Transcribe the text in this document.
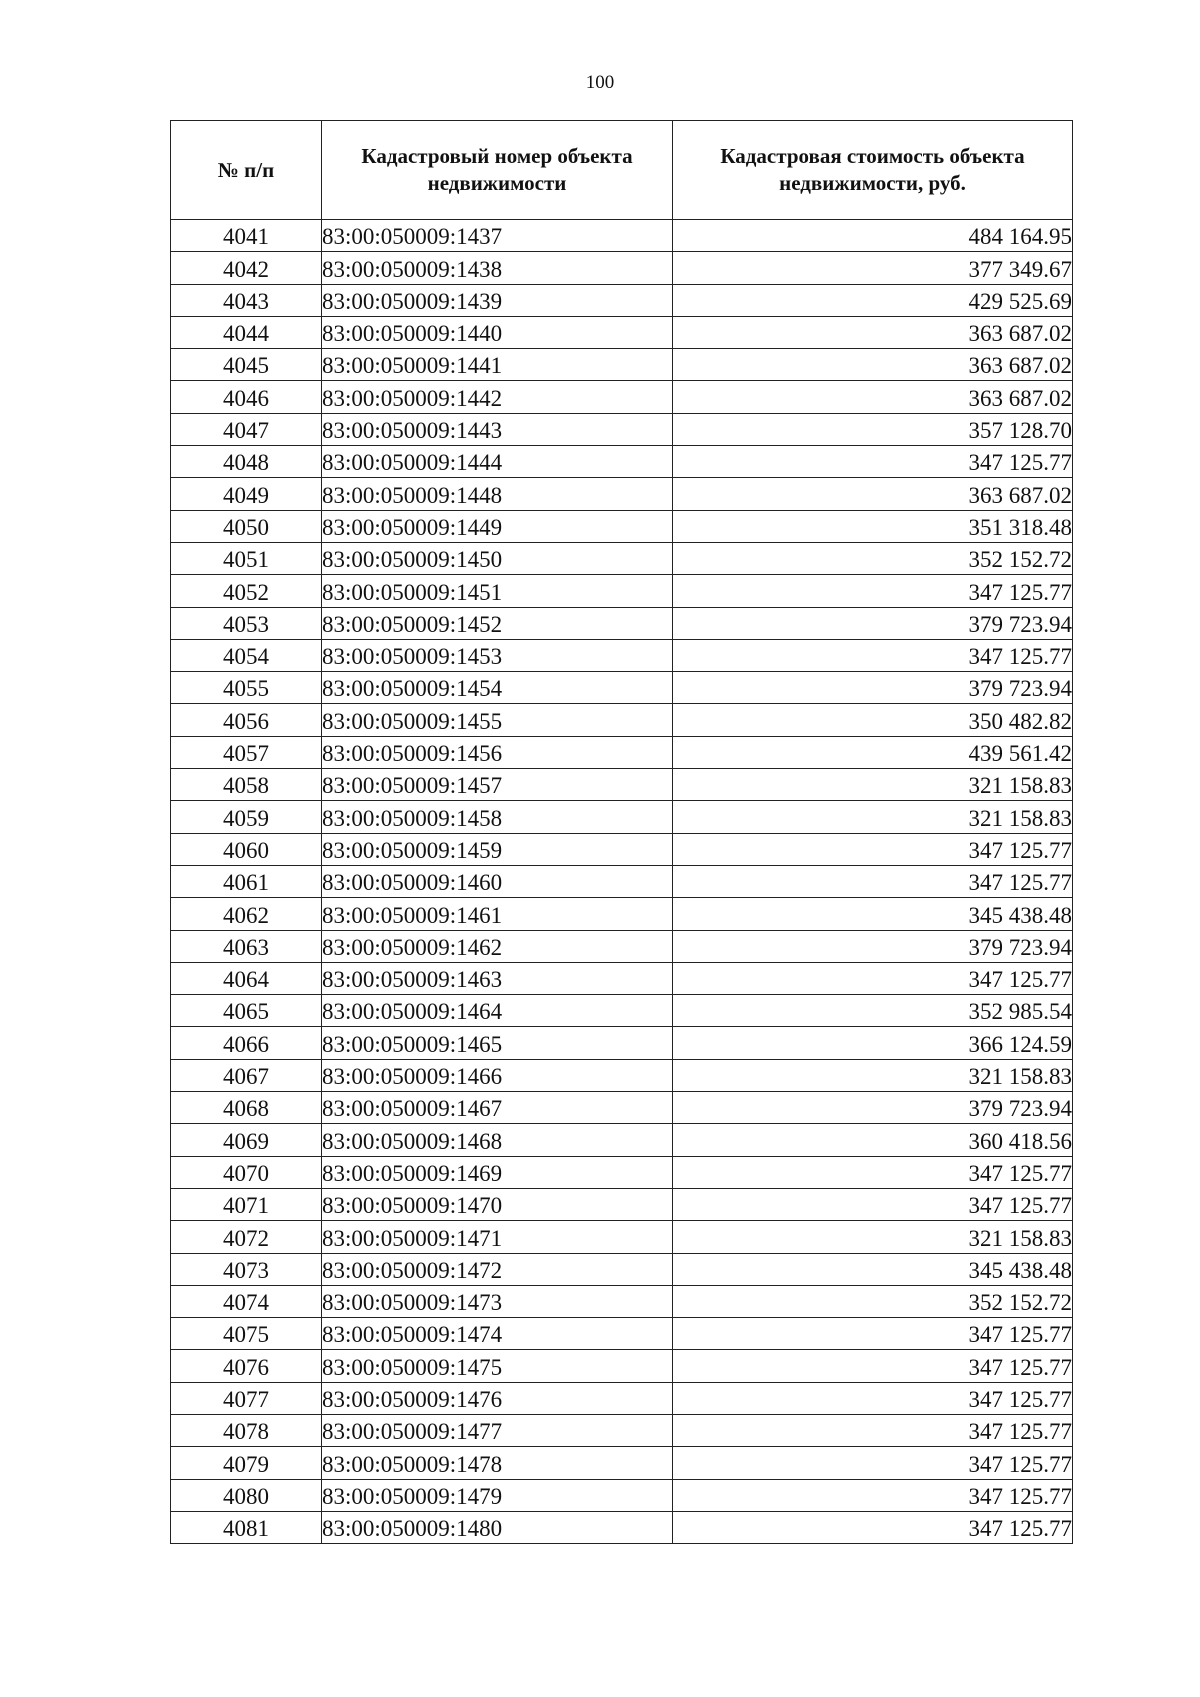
100
№ п/п	Кадастровый номер объекта недвижимости	Кадастровая стоимость объекта недвижимости, руб.
4041	83:00:050009:1437	484 164.95
4042	83:00:050009:1438	377 349.67
4043	83:00:050009:1439	429 525.69
4044	83:00:050009:1440	363 687.02
4045	83:00:050009:1441	363 687.02
4046	83:00:050009:1442	363 687.02
4047	83:00:050009:1443	357 128.70
4048	83:00:050009:1444	347 125.77
4049	83:00:050009:1448	363 687.02
4050	83:00:050009:1449	351 318.48
4051	83:00:050009:1450	352 152.72
4052	83:00:050009:1451	347 125.77
4053	83:00:050009:1452	379 723.94
4054	83:00:050009:1453	347 125.77
4055	83:00:050009:1454	379 723.94
4056	83:00:050009:1455	350 482.82
4057	83:00:050009:1456	439 561.42
4058	83:00:050009:1457	321 158.83
4059	83:00:050009:1458	321 158.83
4060	83:00:050009:1459	347 125.77
4061	83:00:050009:1460	347 125.77
4062	83:00:050009:1461	345 438.48
4063	83:00:050009:1462	379 723.94
4064	83:00:050009:1463	347 125.77
4065	83:00:050009:1464	352 985.54
4066	83:00:050009:1465	366 124.59
4067	83:00:050009:1466	321 158.83
4068	83:00:050009:1467	379 723.94
4069	83:00:050009:1468	360 418.56
4070	83:00:050009:1469	347 125.77
4071	83:00:050009:1470	347 125.77
4072	83:00:050009:1471	321 158.83
4073	83:00:050009:1472	345 438.48
4074	83:00:050009:1473	352 152.72
4075	83:00:050009:1474	347 125.77
4076	83:00:050009:1475	347 125.77
4077	83:00:050009:1476	347 125.77
4078	83:00:050009:1477	347 125.77
4079	83:00:050009:1478	347 125.77
4080	83:00:050009:1479	347 125.77
4081	83:00:050009:1480	347 125.77
